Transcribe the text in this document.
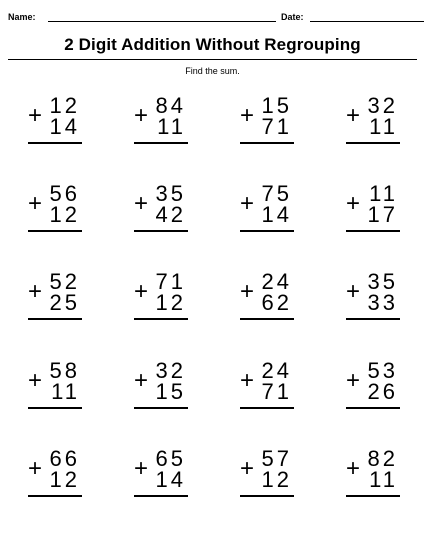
Name:	Date:
2 Digit Addition Without Regrouping
Find the sum.
+ 12
14 + 84
11 + 15
71 + 32
11
+ 56
12 + 35
42 + 75
14 + 11
17
+ 52
25 + 71
12 + 24
62 + 35
33
+ 58
11 + 32
15 + 24
71 + 53
26
+ 66
12 + 65
14 + 57
12 + 82
11
